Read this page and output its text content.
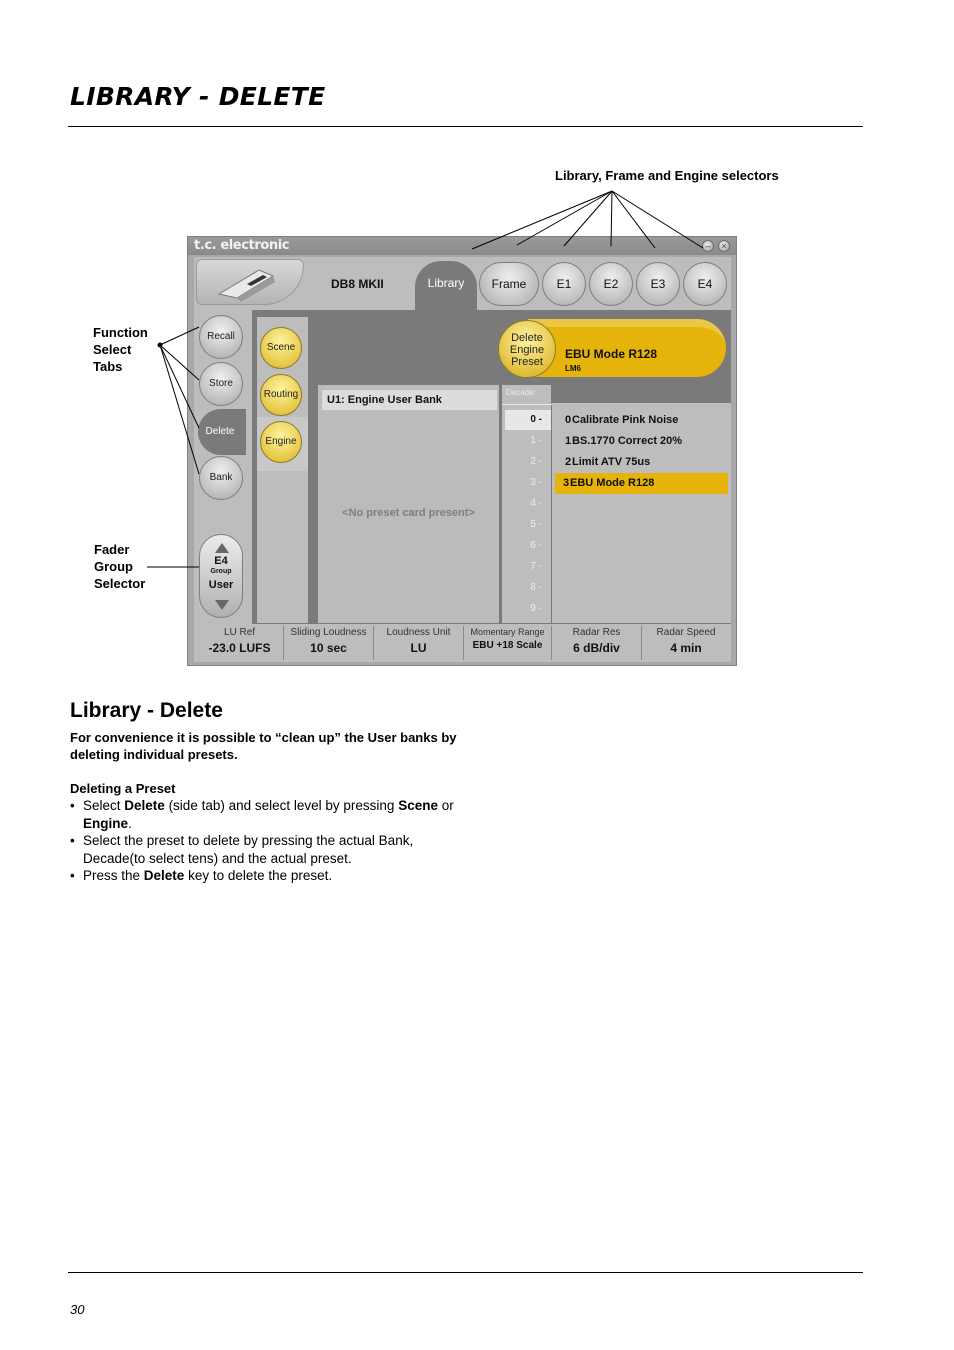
LIBRARY - DELETE
Library, Frame and Engine selectors
Function
Select
Tabs
Fader
Group
Selector
t.c. electronic	–	×
DB8 MKII	Library	Frame	E1	E2	E3	E4
Recall
Store
Delete
Bank
E4
Group
User
Scene
Routing
Engine
U1: Engine User Bank
<No preset card present>
EBU Mode R128
LM6
Delete
Engine
Preset
Decade:
0 -
1 -
2 -
3 -
4 -
5 -
6 -
7 -
8 -
9 -
0Calibrate Pink Noise
1BS.1770 Correct 20%
2Limit ATV 75us
3EBU Mode R128
LU Ref
-23.0 LUFS
Sliding Loudness
10 sec
Loudness Unit
LU
Momentary Range
EBU +18 Scale
Radar Res
6 dB/div
Radar Speed
4 min
Library - Delete
For convenience it is possible to “clean up” the User banks by deleting individual presets.
Deleting a Preset
• Select Delete (side tab) and select level by pressing Scene or Engine.
• Select the preset to delete by pressing the actual Bank, Decade(to select tens) and the actual preset.
• Press the Delete key to delete the preset.
30
